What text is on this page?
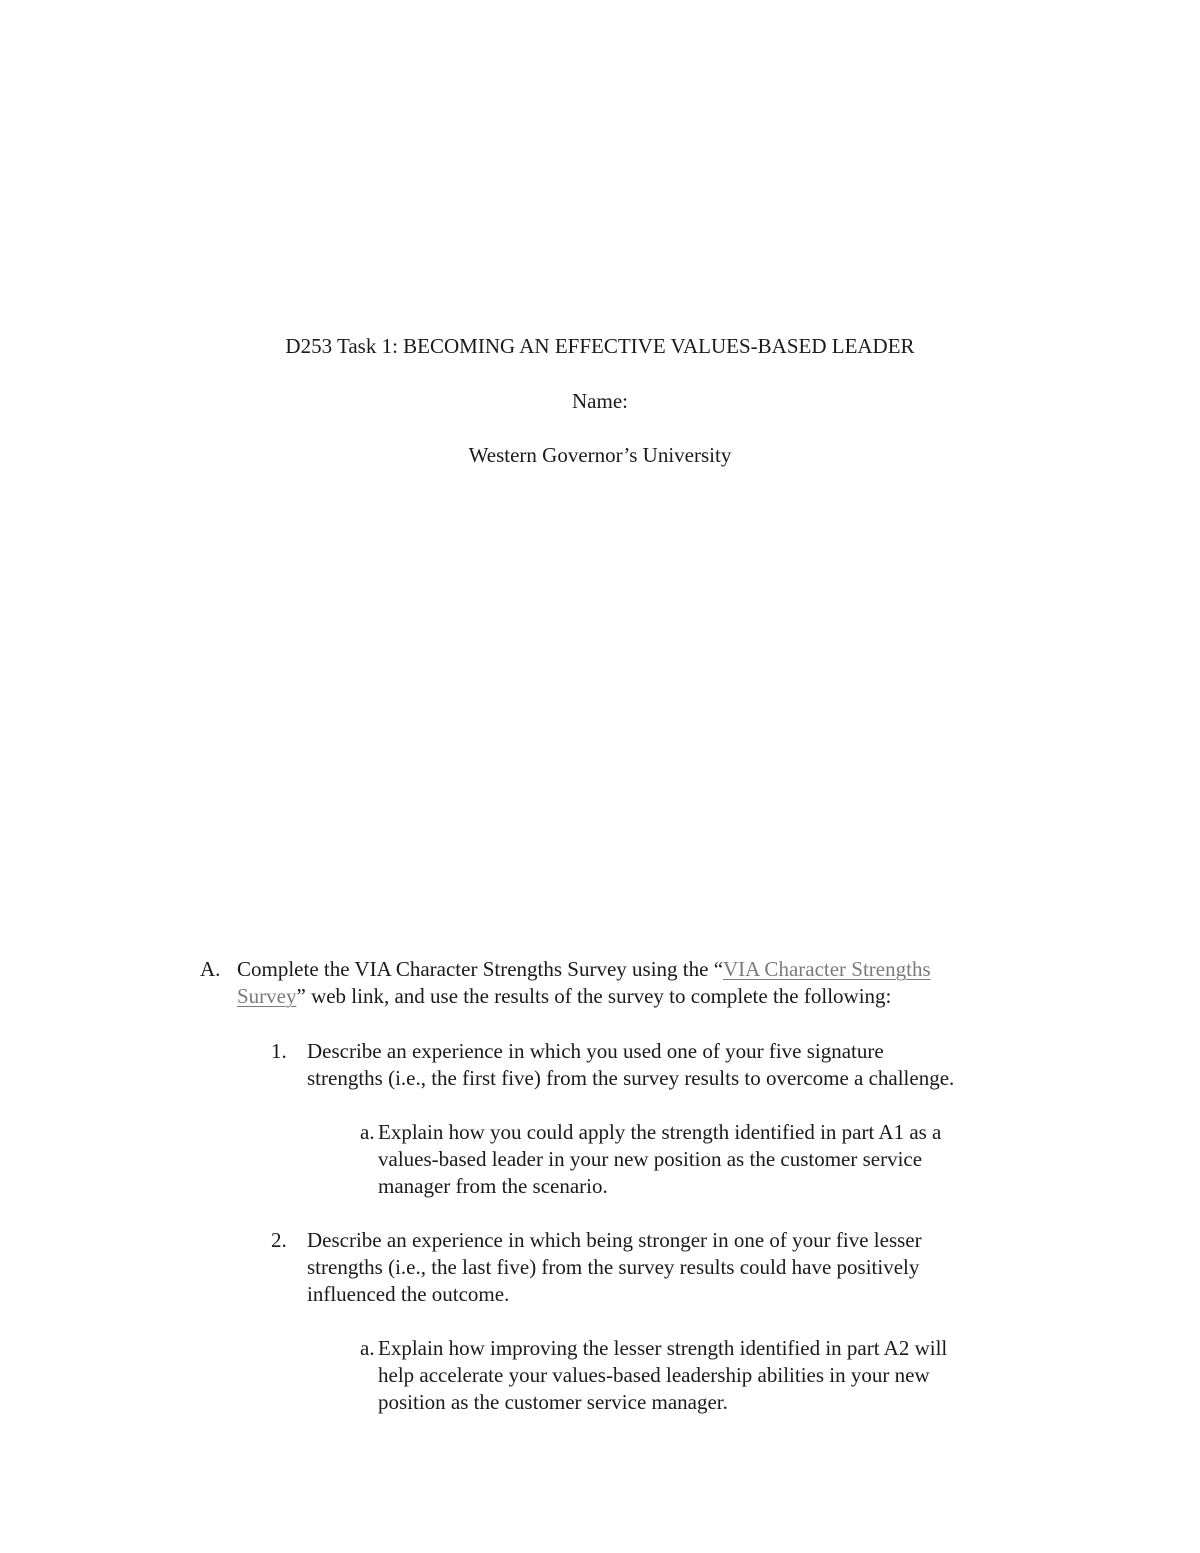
D253 Task 1: BECOMING AN EFFECTIVE VALUES-BASED LEADER
Name:
Western Governor’s University
A. Complete the VIA Character Strengths Survey using the “VIA Character Strengths
Survey” web link, and use the results of the survey to complete the following:
1. Describe an experience in which you used one of your five signature
strengths (i.e., the first five) from the survey results to overcome a challenge.
a. Explain how you could apply the strength identified in part A1 as a
values-based leader in your new position as the customer service
manager from the scenario.
2. Describe an experience in which being stronger in one of your five lesser
strengths (i.e., the last five) from the survey results could have positively
influenced the outcome.
a. Explain how improving the lesser strength identified in part A2 will
help accelerate your values-based leadership abilities in your new
position as the customer service manager.
